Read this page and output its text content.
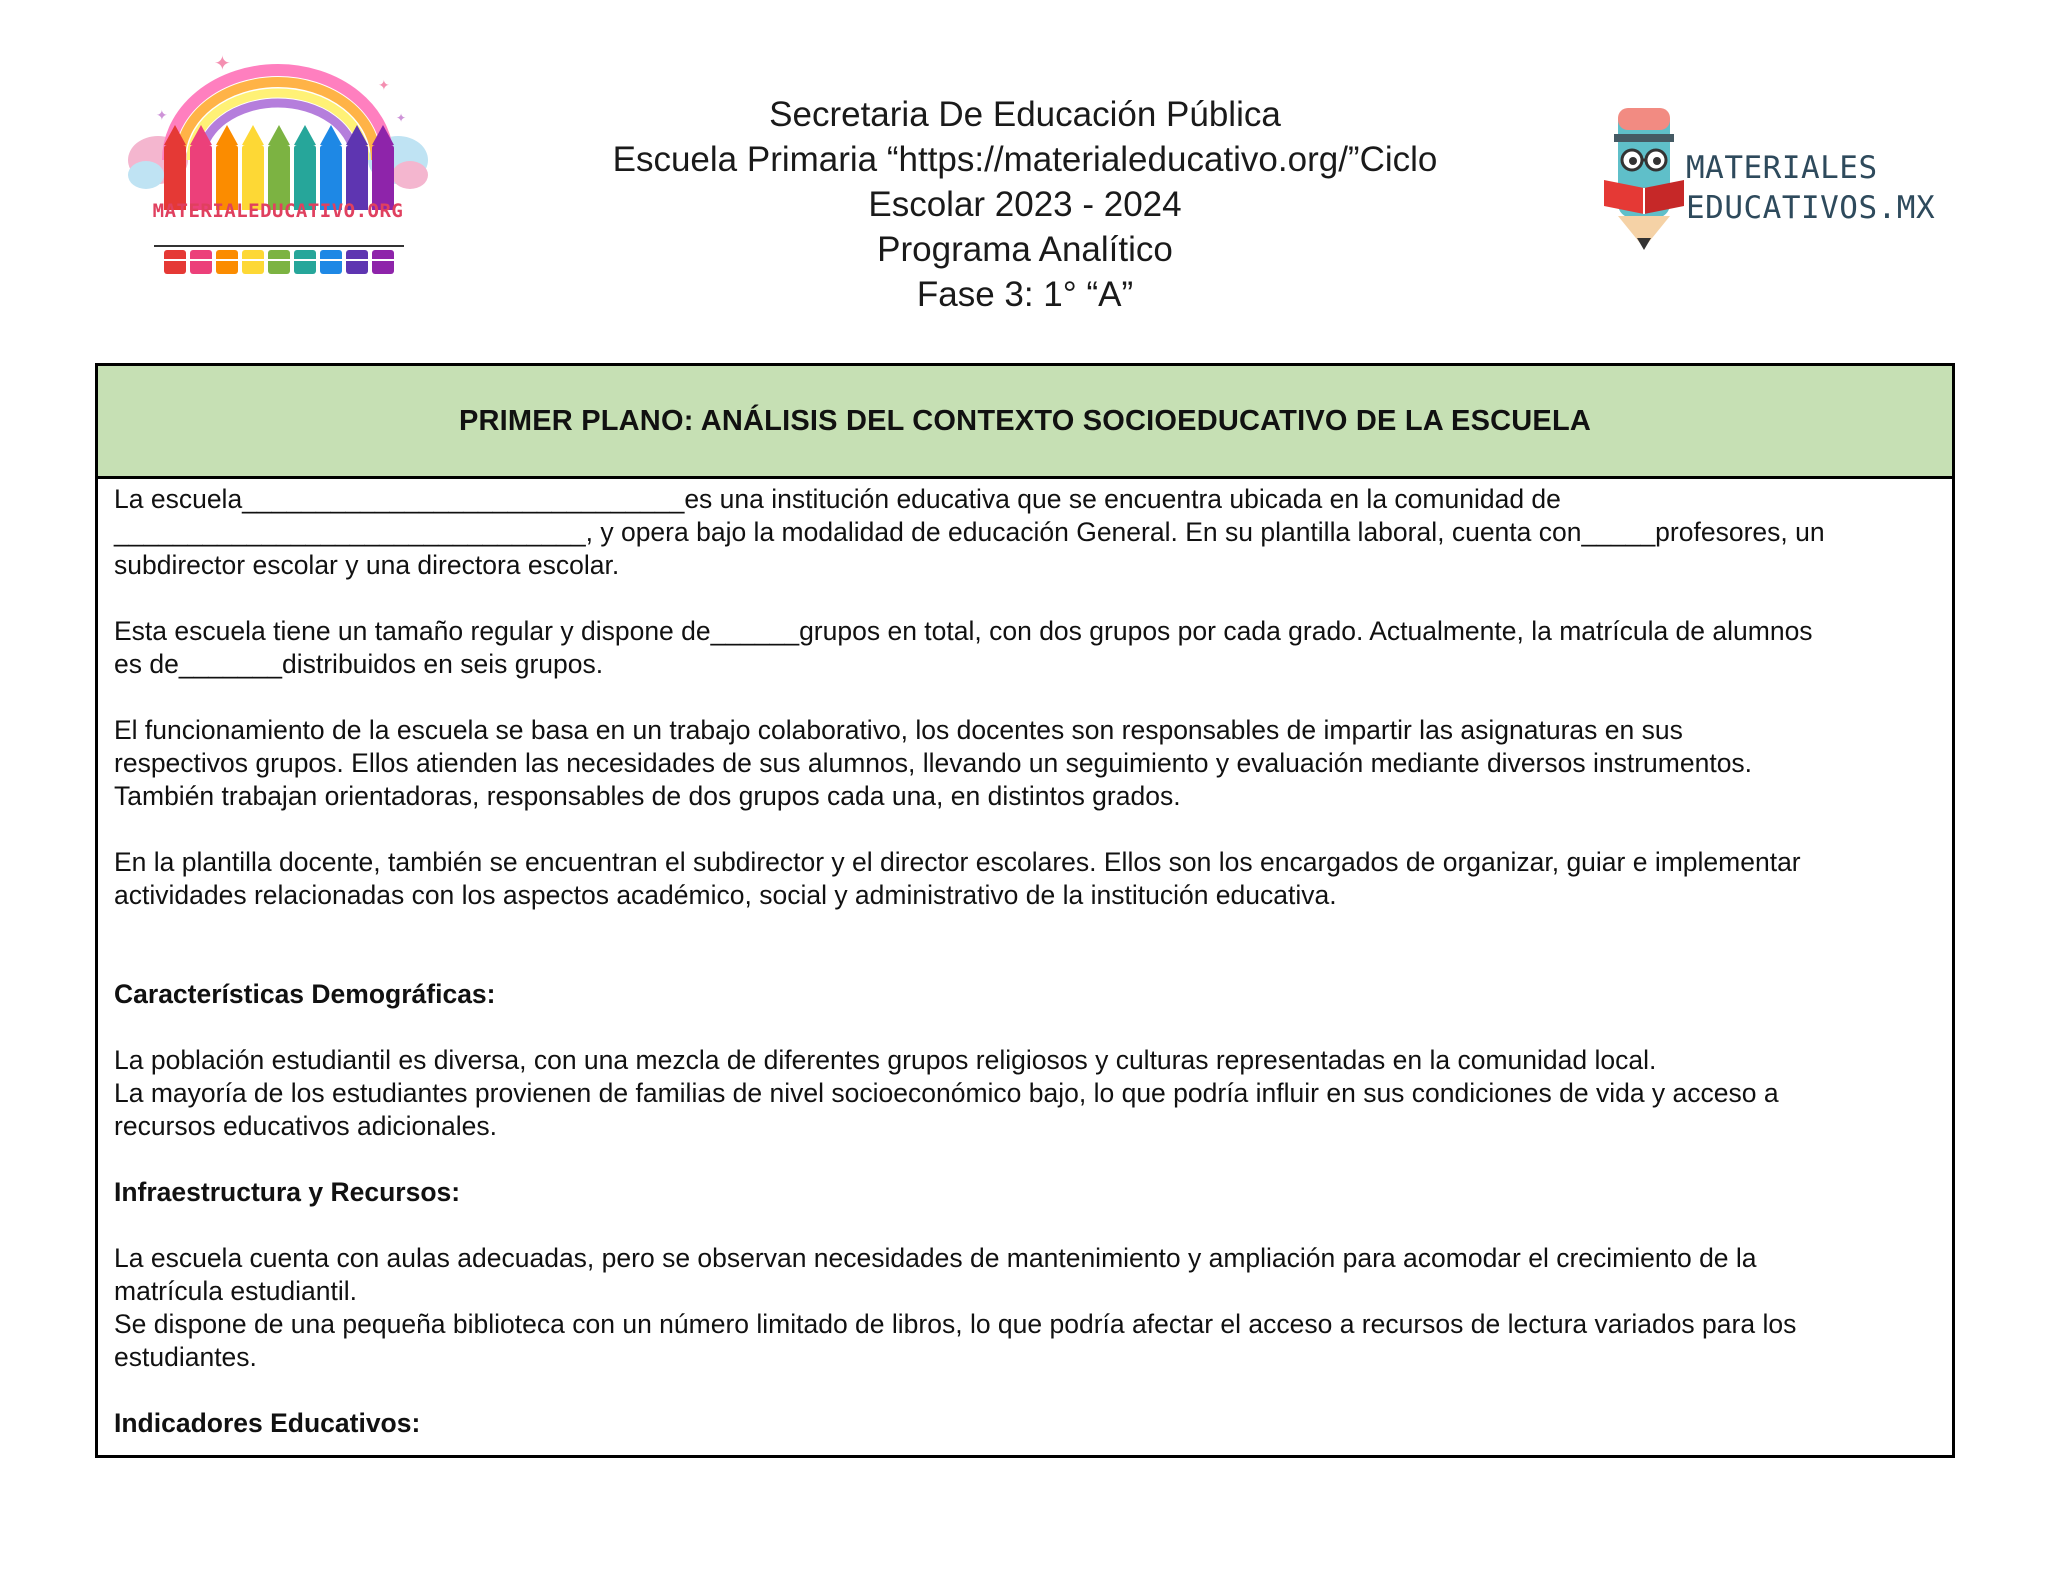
✦
✦
✦
✦
MATERIALEDUCATIVO.ORG
Secretaria De Educación Pública
Escuela Primaria “https://materialeducativo.org/”Ciclo
Escolar 2023 - 2024
Programa Analítico
Fase 3: 1° “A”
MATERIALES
EDUCATIVOS.MX
PRIMER PLANO: ANÁLISIS DEL CONTEXTO SOCIOEDUCATIVO DE LA ESCUELA

La escuela______________________________es una institución educativa que se encuentra ubicada en la comunidad de
________________________________, y opera bajo la modalidad de educación General. En su plantilla laboral, cuenta con_____profesores, un
subdirector escolar y una directora escolar.

Esta escuela tiene un tamaño regular y dispone de______grupos en total, con dos grupos por cada grado. Actualmente, la matrícula de alumnos
es de_______distribuidos en seis grupos.

El funcionamiento de la escuela se basa en un trabajo colaborativo, los docentes son responsables de impartir las asignaturas en sus
respectivos grupos. Ellos atienden las necesidades de sus alumnos, llevando un seguimiento y evaluación mediante diversos instrumentos.
También trabajan orientadoras, responsables de dos grupos cada una, en distintos grados.

En la plantilla docente, también se encuentran el subdirector y el director escolares. Ellos son los encargados de organizar, guiar e implementar
actividades relacionadas con los aspectos académico, social y administrativo de la institución educativa.

Características Demográficas:

La población estudiantil es diversa, con una mezcla de diferentes grupos religiosos y culturas representadas en la comunidad local.
La mayoría de los estudiantes provienen de familias de nivel socioeconómico bajo, lo que podría influir en sus condiciones de vida y acceso a
recursos educativos adicionales.

Infraestructura y Recursos:

La escuela cuenta con aulas adecuadas, pero se observan necesidades de mantenimiento y ampliación para acomodar el crecimiento de la
matrícula estudiantil.
Se dispone de una pequeña biblioteca con un número limitado de libros, lo que podría afectar el acceso a recursos de lectura variados para los
estudiantes.

Indicadores Educativos:
